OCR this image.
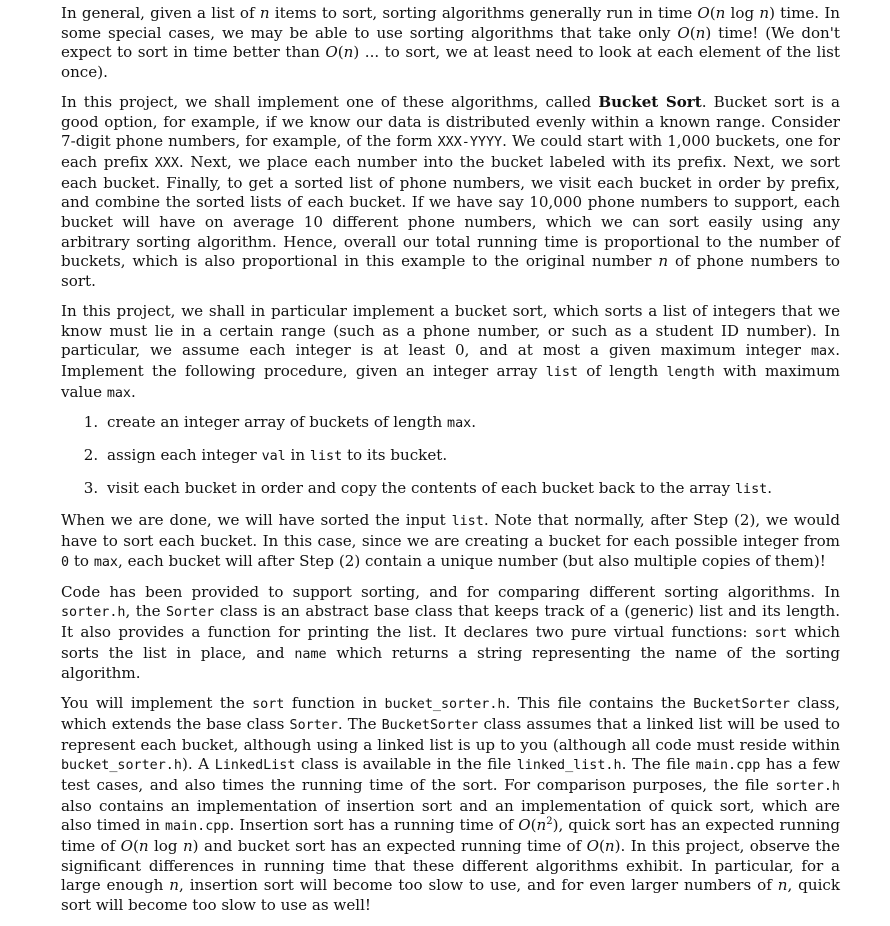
In general, given a list of n items to sort, sorting algorithms generally run in time O(n log n) time. In some special cases, we may be able to use sorting algorithms that take only O(n) time! (We don't expect to sort in time better than O(n) ... to sort, we at least need to look at each element of the list once).

In this project, we shall implement one of these algorithms, called Bucket Sort. Bucket sort is a good option, for example, if we know our data is distributed evenly within a known range. Consider 7-digit phone numbers, for example, of the form XXX-YYYY. We could start with 1,000 buckets, one for each prefix XXX. Next, we place each number into the bucket labeled with its prefix. Next, we sort each bucket. Finally, to get a sorted list of phone numbers, we visit each bucket in order by prefix, and combine the sorted lists of each bucket. If we have say 10,000 phone numbers to support, each bucket will have on average 10 different phone numbers, which we can sort easily using any arbitrary sorting algorithm. Hence, overall our total running time is proportional to the number of buckets, which is also proportional in this example to the original number n of phone numbers to sort.

In this project, we shall in particular implement a bucket sort, which sorts a list of integers that we know must lie in a certain range (such as a phone number, or such as a student ID number). In particular, we assume each integer is at least 0, and at most a given maximum integer max. Implement the following procedure, given an integer array list of length length with maximum value max.

1. create an integer array of buckets of length max.
2. assign each integer val in list to its bucket.
3. visit each bucket in order and copy the contents of each bucket back to the array list.

When we are done, we will have sorted the input list. Note that normally, after Step (2), we would have to sort each bucket. In this case, since we are creating a bucket for each possible integer from 0 to max, each bucket will after Step (2) contain a unique number (but also multiple copies of them)!

Code has been provided to support sorting, and for comparing different sorting algorithms. In sorter.h, the Sorter class is an abstract base class that keeps track of a (generic) list and its length. It also provides a function for printing the list. It declares two pure virtual functions: sort which sorts the list in place, and name which returns a string representing the name of the sorting algorithm.

You will implement the sort function in bucket_sorter.h. This file contains the BucketSorter class, which extends the base class Sorter. The BucketSorter class assumes that a linked list will be used to represent each bucket, although using a linked list is up to you (although all code must reside within bucket_sorter.h). A LinkedList class is available in the file linked_list.h. The file main.cpp has a few test cases, and also times the running time of the sort. For comparison purposes, the file sorter.h also contains an implementation of insertion sort and an implementation of quick sort, which are also timed in main.cpp. Insertion sort has a running time of $O(n^2)$, quick sort has an expected running time of O(n log n) and bucket sort has an expected running time of O(n). In this project, observe the significant differences in running time that these different algorithms exhibit. In particular, for a large enough n, insertion sort will become too slow to use, and for even larger numbers of n, quick sort will become too slow to use as well!
